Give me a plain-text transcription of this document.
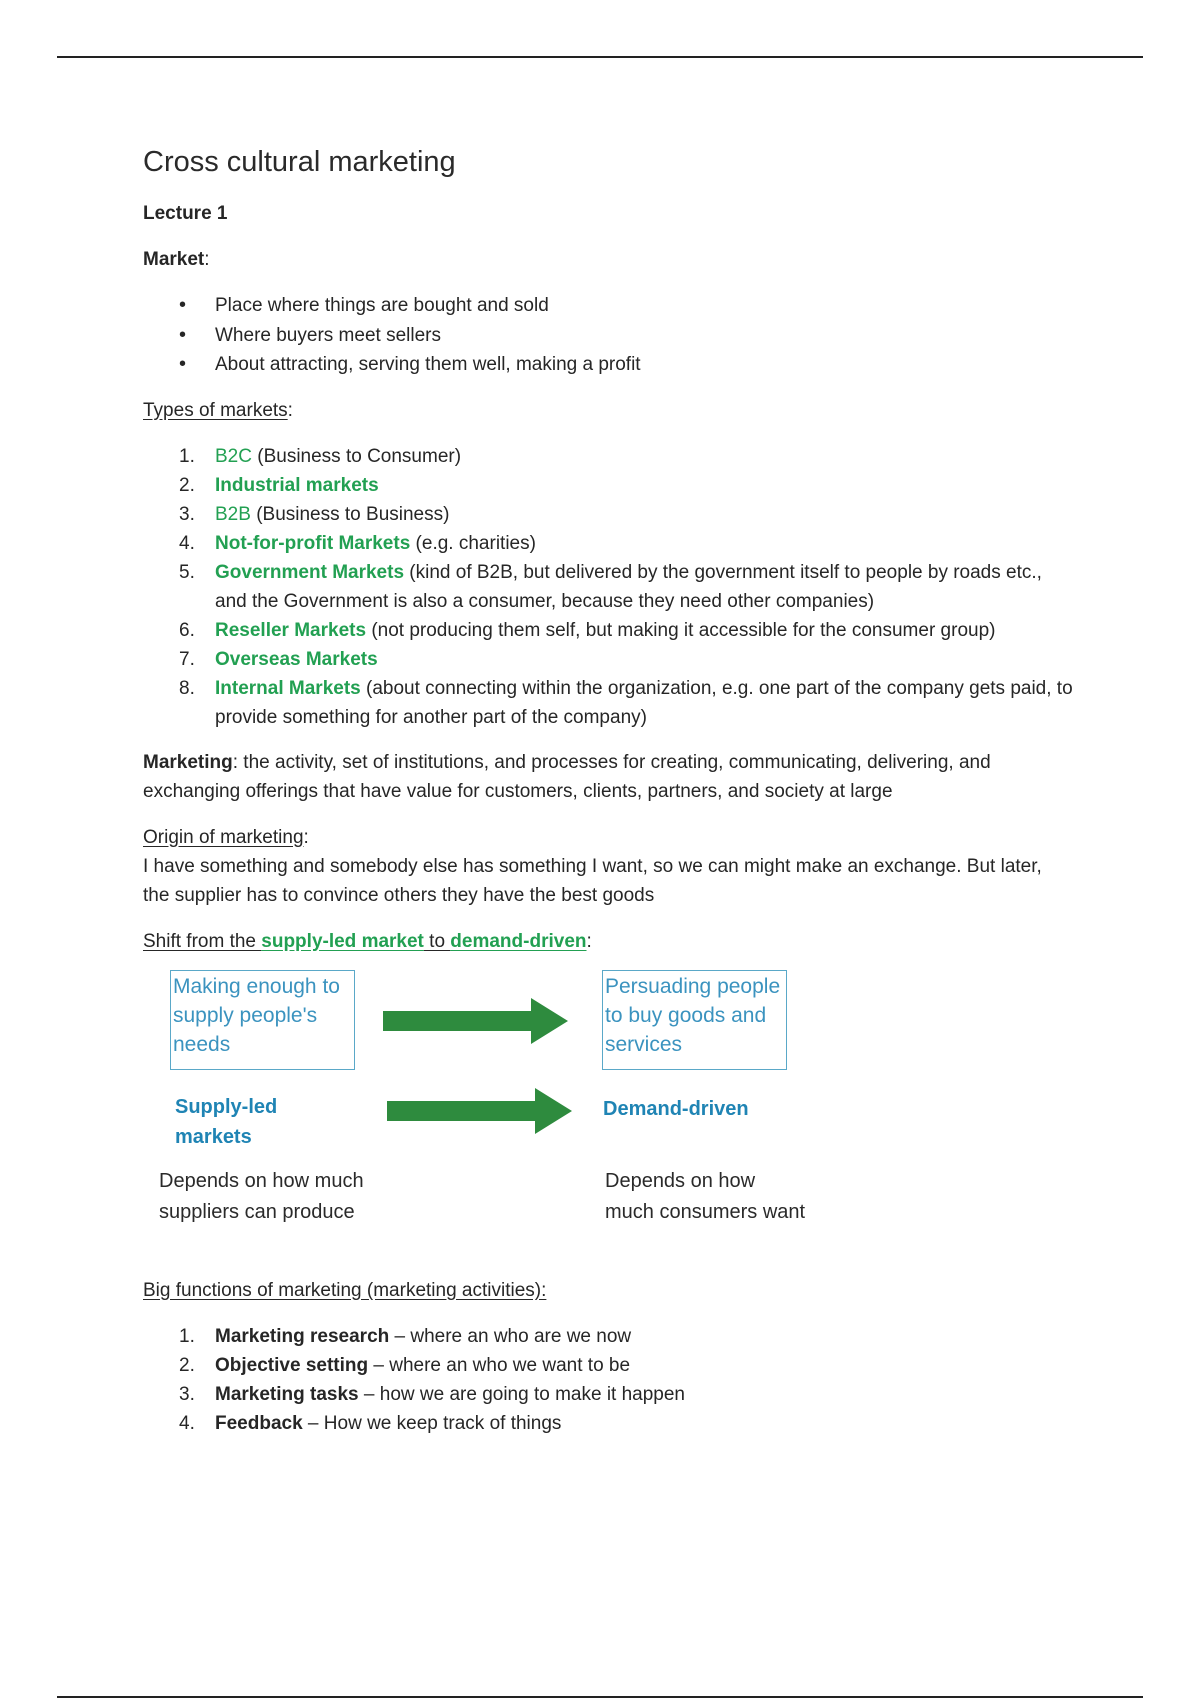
Cross cultural marketing

Lecture 1

Market:

• Place where things are bought and sold
• Where buyers meet sellers
• About attracting, serving them well, making a profit

Types of markets:

1. B2C (Business to Consumer)
2. Industrial markets
3. B2B (Business to Business)
4. Not-for-profit Markets (e.g. charities)
5. Government Markets (kind of B2B, but delivered by the government itself to people by roads etc., and the Government is also a consumer, because they need other companies)
6. Reseller Markets (not producing them self, but making it accessible for the consumer group)
7. Overseas Markets
8. Internal Markets (about connecting within the organization, e.g. one part of the company gets paid, to provide something for another part of the company)

Marketing: the activity, set of institutions, and processes for creating, communicating, delivering, and exchanging offerings that have value for customers, clients, partners, and society at large

Origin of marketing:

I have something and somebody else has something I want, so we can might make an exchange. But later, the supplier has to convince others they have the best goods

Shift from the supply-led market to demand-driven:

Making enough to supply people's needs
Persuading people to buy goods and services
Supply-led
markets
Demand-driven
Depends on how much
suppliers can produce
Depends on how
much consumers want

Big functions of marketing (marketing activities):

1. Marketing research – where an who are we now
2. Objective setting – where an who we want to be
3. Marketing tasks – how we are going to make it happen
4. Feedback – How we keep track of things
